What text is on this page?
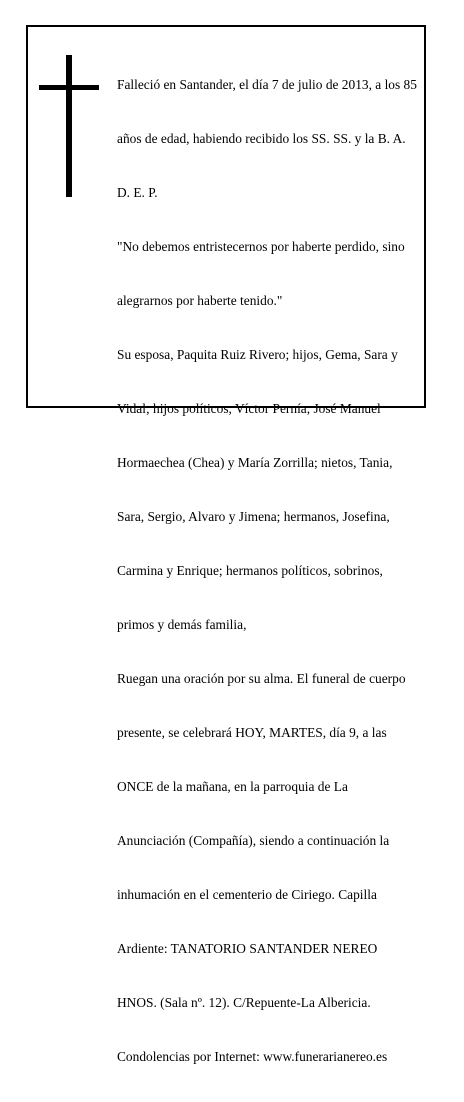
Falleció en Santander, el día 7 de julio de 2013, a los 85

años de edad, habiendo recibido los SS. SS. y la B. A.

D. E. P.

"No debemos entristecernos por haberte perdido, sino

alegrarnos por haberte tenido."

Su esposa, Paquita Ruiz Rivero; hijos, Gema, Sara y

Vidal; hijos políticos, Víctor Pernía, José Manuel

Hormaechea (Chea) y María Zorrilla; nietos, Tania,

Sara, Sergio, Alvaro y Jimena; hermanos, Josefina,

Carmina y Enrique; hermanos políticos, sobrinos,

primos y demás familia,

Ruegan una oración por su alma. El funeral de cuerpo

presente, se celebrará HOY, MARTES, día 9, a las

ONCE de la mañana, en la parroquia de La

Anunciación (Compañía), siendo a continuación la

inhumación en el cementerio de Ciriego. Capilla

Ardiente: TANATORIO SANTANDER NEREO

HNOS. (Sala nº. 12). C/Repuente-La Albericia.

Condolencias por Internet: www.funerarianereo.es
